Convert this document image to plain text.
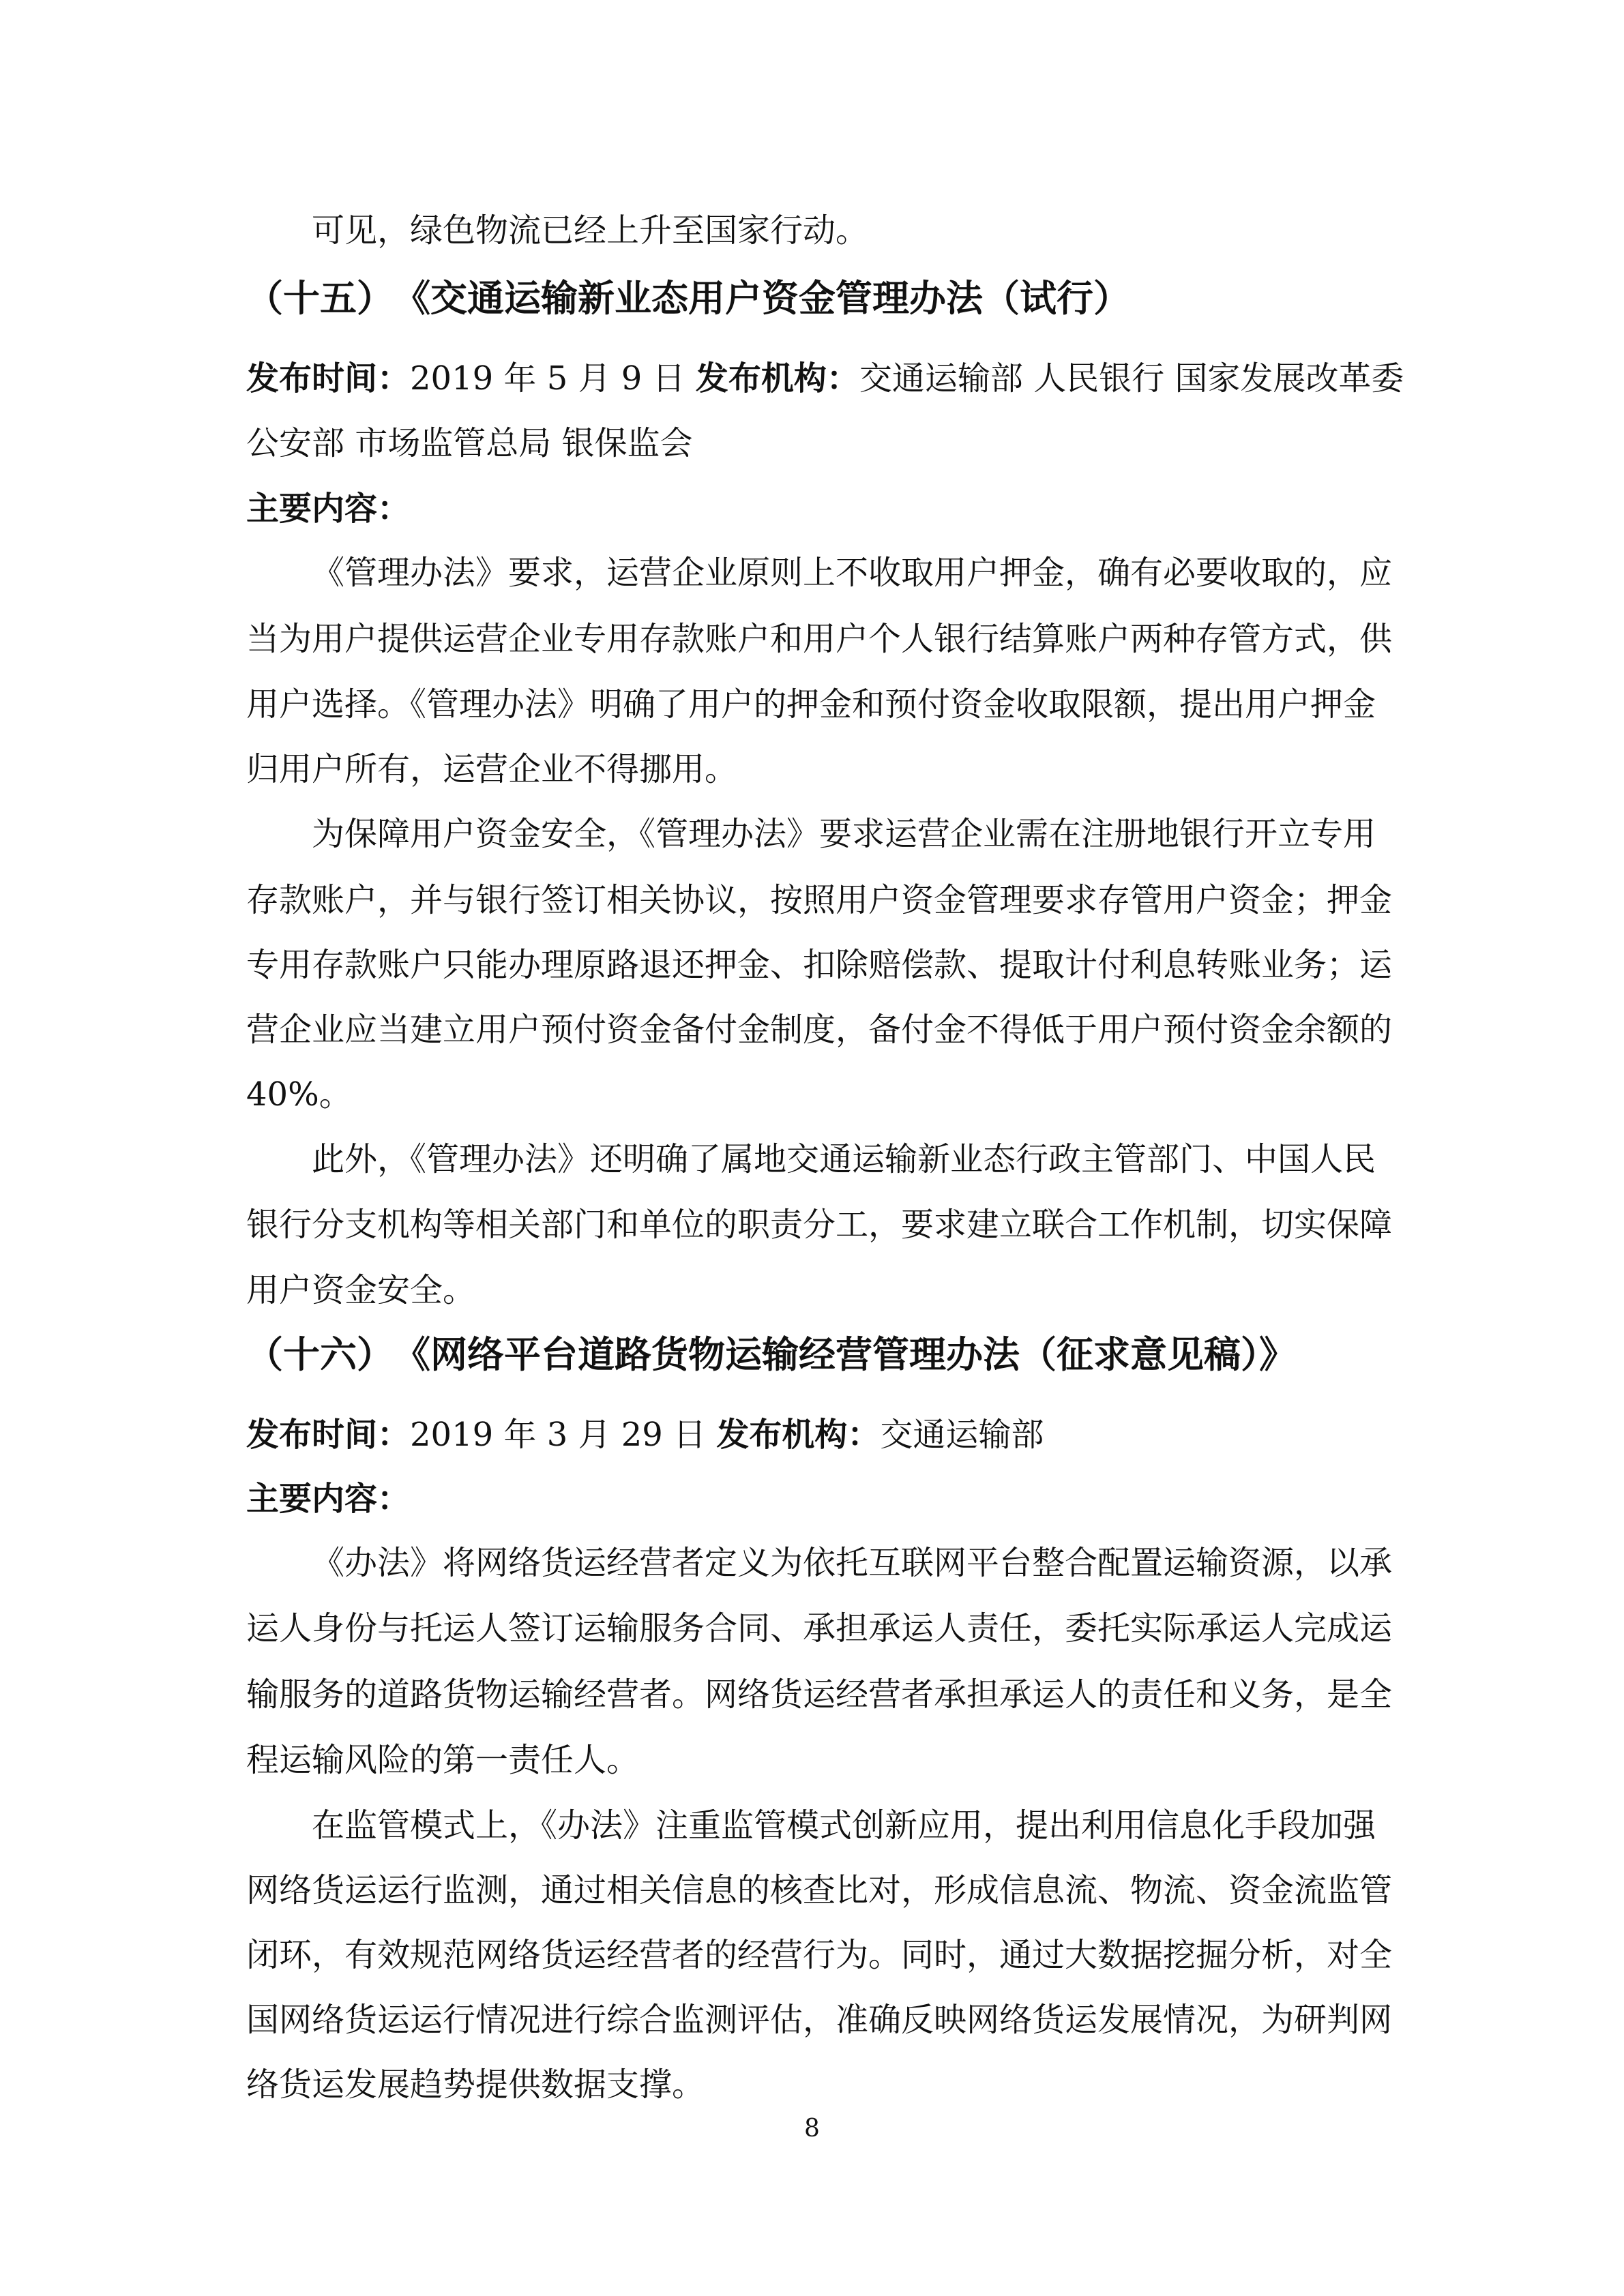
可见，绿色物流已经上升至国家行动。
（十五）　《交通运输新业态用户资金管理办法（试行）
发布时间：2019 年 5 月 9 日 发布机构：交通运输部 人民银行 国家发展改革委
公安部 市场监管总局 银保监会
主要内容：
《管理办法》要求，运营企业原则上不收取用户押金，确有必要收取的，应
当为用户提供运营企业专用存款账户和用户个人银行结算账户两种存管方式，供
用户选择。《管理办法》明确了用户的押金和预付资金收取限额，提出用户押金
归用户所有，运营企业不得挪用。
为保障用户资金安全，《管理办法》要求运营企业需在注册地银行开立专用
存款账户，并与银行签订相关协议，按照用户资金管理要求存管用户资金；押金
专用存款账户只能办理原路退还押金、扣除赔偿款、提取计付利息转账业务；运
营企业应当建立用户预付资金备付金制度，备付金不得低于用户预付资金余额的
40%。
此外，《管理办法》还明确了属地交通运输新业态行政主管部门、中国人民
银行分支机构等相关部门和单位的职责分工，要求建立联合工作机制，切实保障
用户资金安全。
（十六）　《网络平台道路货物运输经营管理办法（征求意见稿）》
发布时间：2019 年 3 月 29 日 发布机构：交通运输部
主要内容：
《办法》将网络货运经营者定义为依托互联网平台整合配置运输资源，以承
运人身份与托运人签订运输服务合同、承担承运人责任，委托实际承运人完成运
输服务的道路货物运输经营者。网络货运经营者承担承运人的责任和义务，是全
程运输风险的第一责任人。
在监管模式上，《办法》注重监管模式创新应用，提出利用信息化手段加强
网络货运运行监测，通过相关信息的核查比对，形成信息流、物流、资金流监管
闭环，有效规范网络货运经营者的经营行为。同时，通过大数据挖掘分析，对全
国网络货运运行情况进行综合监测评估，准确反映网络货运发展情况，为研判网
络货运发展趋势提供数据支撑。
8
